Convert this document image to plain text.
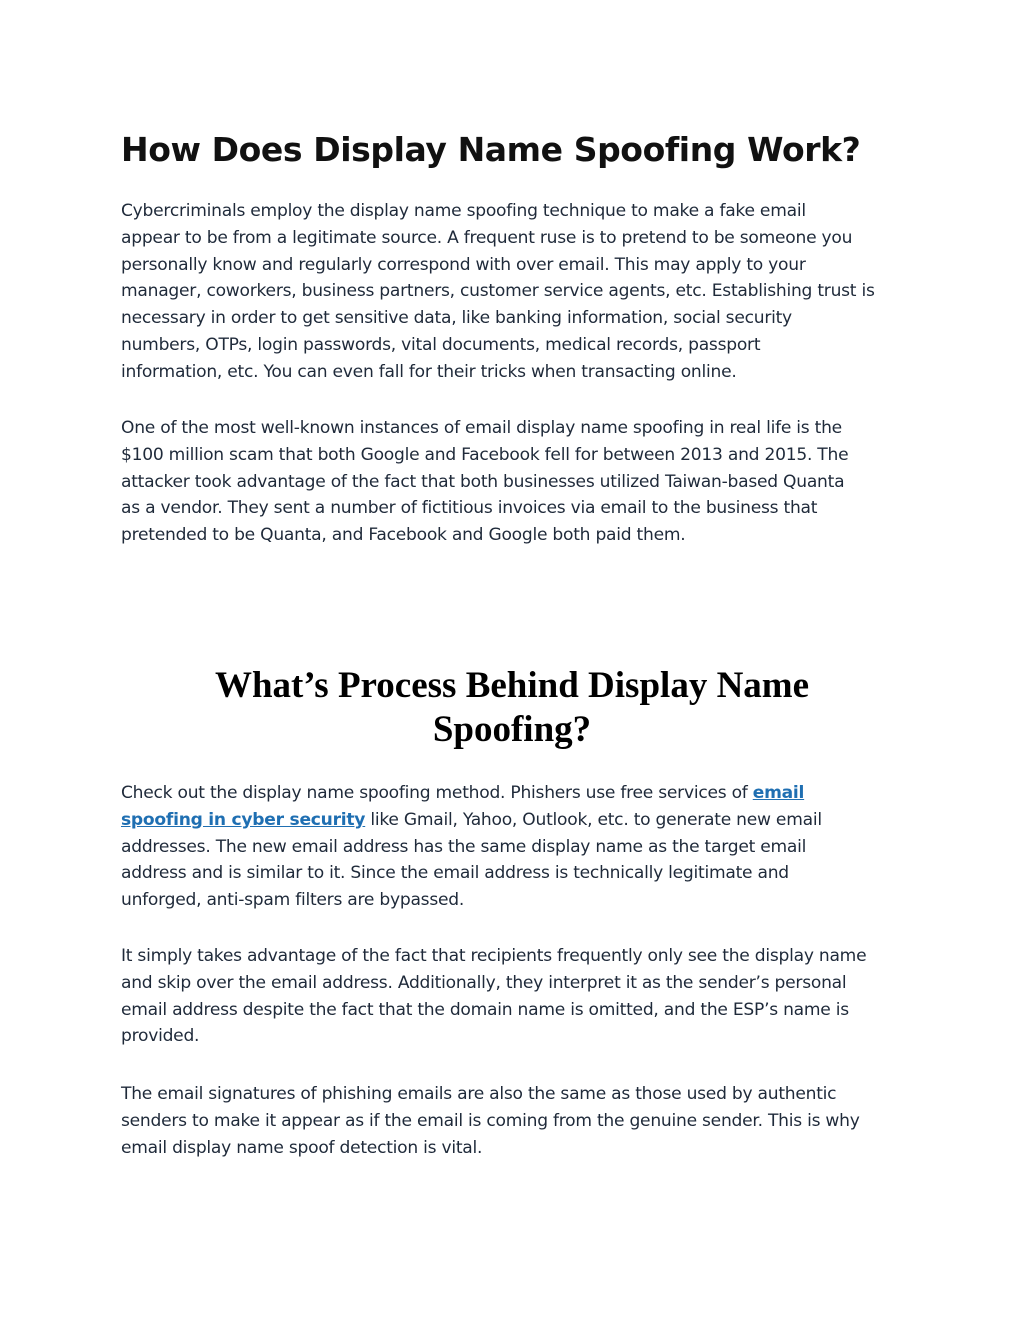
How Does Display Name Spoofing Work?

Cybercriminals employ the display name spoofing technique to make a fake email
appear to be from a legitimate source. A frequent ruse is to pretend to be someone you
personally know and regularly correspond with over email. This may apply to your
manager, coworkers, business partners, customer service agents, etc. Establishing trust is
necessary in order to get sensitive data, like banking information, social security
numbers, OTPs, login passwords, vital documents, medical records, passport
information, etc. You can even fall for their tricks when transacting online.

One of the most well-known instances of email display name spoofing in real life is the
$100 million scam that both Google and Facebook fell for between 2013 and 2015. The
attacker took advantage of the fact that both businesses utilized Taiwan-based Quanta
as a vendor. They sent a number of fictitious invoices via email to the business that
pretended to be Quanta, and Facebook and Google both paid them.

What’s Process Behind Display Name
Spoofing?

Check out the display name spoofing method. Phishers use free services of email
spoofing in cyber security like Gmail, Yahoo, Outlook, etc. to generate new email
addresses. The new email address has the same display name as the target email
address and is similar to it. Since the email address is technically legitimate and
unforged, anti-spam filters are bypassed.

It simply takes advantage of the fact that recipients frequently only see the display name
and skip over the email address. Additionally, they interpret it as the sender’s personal
email address despite the fact that the domain name is omitted, and the ESP’s name is
provided.

The email signatures of phishing emails are also the same as those used by authentic
senders to make it appear as if the email is coming from the genuine sender. This is why
email display name spoof detection is vital.
